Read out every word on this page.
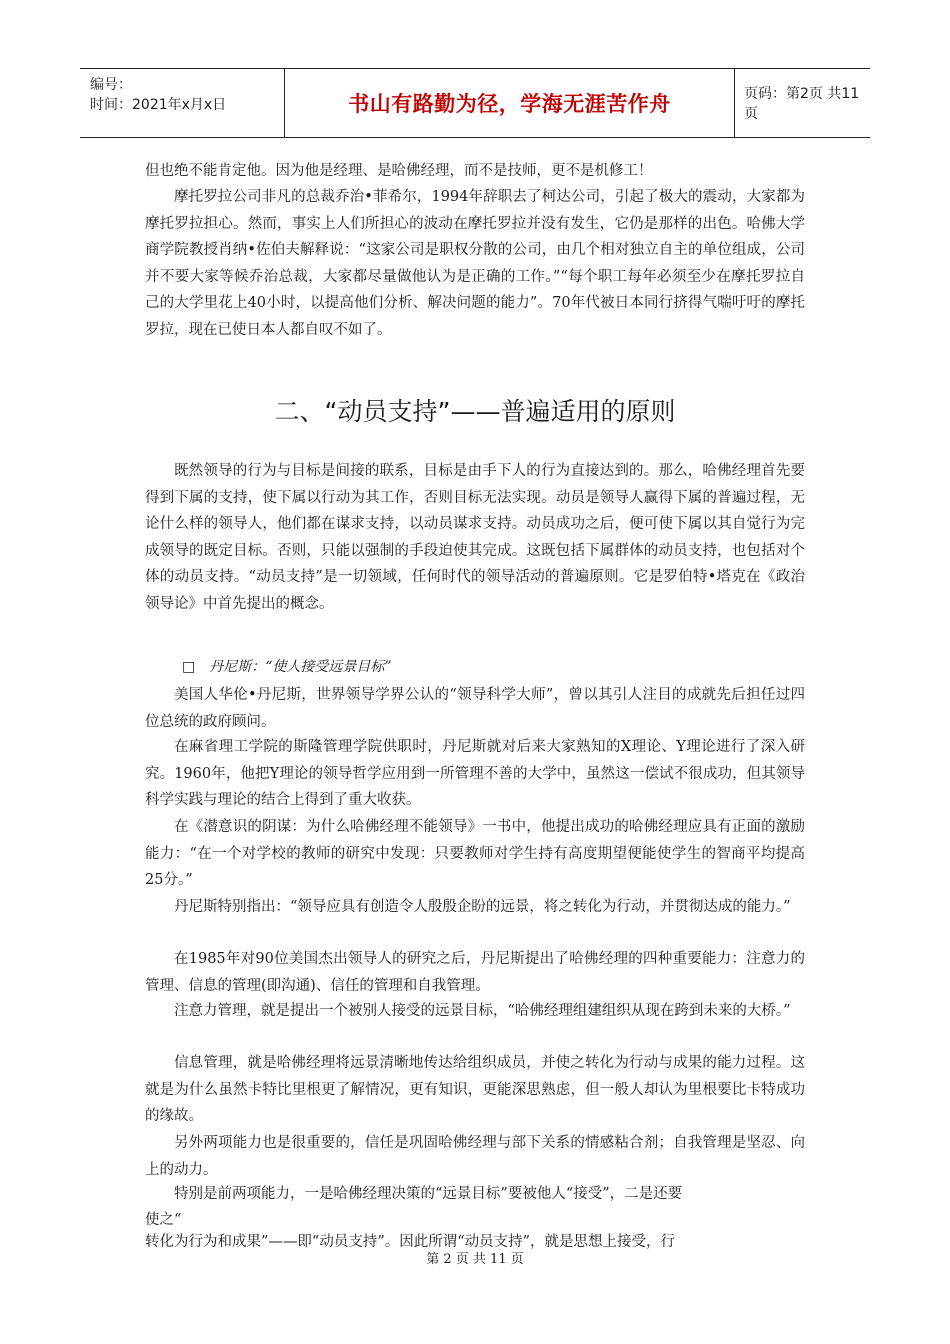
编号：
时间：2021年x月x日	书山有路勤为径，学海无涯苦作舟	页码：第2页 共11页

但也绝不能肯定他。因为他是经理、是哈佛经理，而不是技师，更不是机修工！

摩托罗拉公司非凡的总裁乔治•菲希尔，1994年辞职去了柯达公司，引起了极大的震动，大家都为摩托罗拉担心。然而，事实上人们所担心的波动在摩托罗拉并没有发生，它仍是那样的出色。哈佛大学商学院教授肖纳•佐伯夫解释说：“这家公司是职权分散的公司，由几个相对独立自主的单位组成，公司并不要大家等候乔治总裁，大家都尽量做他认为是正确的工作。”“每个职工每年必须至少在摩托罗拉自己的大学里花上40小时，以提高他们分析、解决问题的能力”。70年代被日本同行挤得气喘吁吁的摩托罗拉，现在已使日本人都自叹不如了。

二、“动员支持”——普遍适用的原则

既然领导的行为与目标是间接的联系，目标是由手下人的行为直接达到的。那么，哈佛经理首先要得到下属的支持，使下属以行动为其工作，否则目标无法实现。动员是领导人赢得下属的普遍过程，无论什么样的领导人，他们都在谋求支持，以动员谋求支持。动员成功之后，便可使下属以其自觉行为完成领导的既定目标。否则，只能以强制的手段迫使其完成。这既包括下属群体的动员支持，也包括对个体的动员支持。“动员支持”是一切领域，任何时代的领导活动的普遍原则。它是罗伯特•塔克在《政治领导论》中首先提出的概念。

□ 丹尼斯：“使人接受远景目标”

美国人华伦•丹尼斯，世界领导学界公认的“领导科学大师”，曾以其引人注目的成就先后担任过四位总统的政府顾问。

在麻省理工学院的斯隆管理学院供职时，丹尼斯就对后来大家熟知的X理论、Y理论进行了深入研究。1960年，他把Y理论的领导哲学应用到一所管理不善的大学中，虽然这一偿试不很成功，但其领导科学实践与理论的结合上得到了重大收获。

在《潜意识的阴谋：为什么哈佛经理不能领导》一书中，他提出成功的哈佛经理应具有正面的激励能力：“在一个对学校的教师的研究中发现：只要教师对学生持有高度期望便能使学生的智商平均提高25分。”

丹尼斯特别指出：“领导应具有创造令人殷殷企盼的远景，将之转化为行动，并贯彻达成的能力。”

在1985年对90位美国杰出领导人的研究之后，丹尼斯提出了哈佛经理的四种重要能力：注意力的管理、信息的管理(即沟通)、信任的管理和自我管理。

注意力管理，就是提出一个被别人接受的远景目标，“哈佛经理组建组织从现在跨到未来的大桥。”

信息管理，就是哈佛经理将远景清晰地传达给组织成员，并使之转化为行动与成果的能力过程。这就是为什么虽然卡特比里根更了解情况，更有知识，更能深思熟虑，但一般人却认为里根要比卡特成功的缘故。

另外两项能力也是很重要的，信任是巩固哈佛经理与部下关系的情感粘合剂；自我管理是坚忍、向上的动力。

特别是前两项能力，一是哈佛经理决策的“远景目标”要被他人“接受”，二是还要

使之“

转化为行为和成果”——即“动员支持”。因此所谓“动员支持”，就是思想上接受，行

第 2 页 共 11 页
